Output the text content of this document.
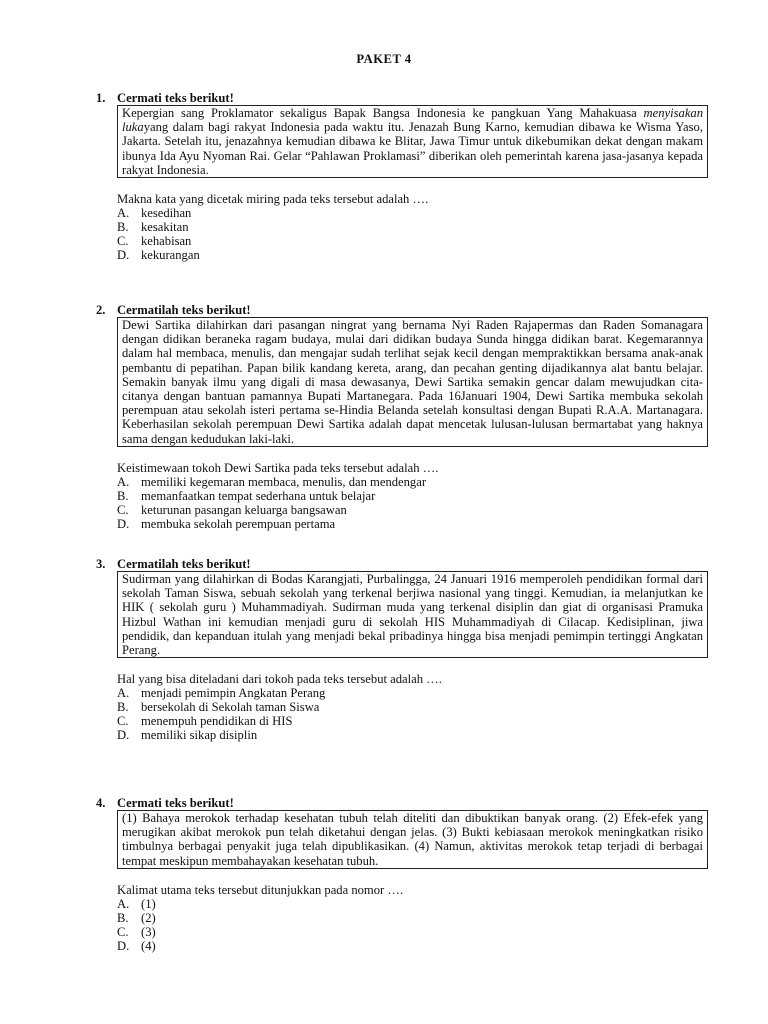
PAKET 4
1. Cermati teks berikut!

Kepergian sang Proklamator sekaligus Bapak Bangsa Indonesia ke pangkuan Yang Mahakuasa menyisakan lukayang dalam bagi rakyat Indonesia pada waktu itu. Jenazah Bung Karno, kemudian dibawa ke Wisma Yaso, Jakarta. Setelah itu, jenazahnya kemudian dibawa ke Blitar, Jawa Timur untuk dikebumikan dekat dengan makam ibunya Ida Ayu Nyoman Rai. Gelar “Pahlawan Proklamasi” diberikan oleh pemerintah karena jasa-jasanya kepada rakyat Indonesia.

Makna kata yang dicetak miring pada teks tersebut adalah ….
A. kesedihan
B. kesakitan
C. kehabisan
D. kekurangan
2. Cermatilah teks berikut!

Dewi Sartika dilahirkan dari pasangan ningrat yang bernama Nyi Raden Rajapermas dan Raden Somanagara dengan didikan beraneka ragam budaya, mulai dari didikan budaya Sunda hingga didikan barat. Kegemarannya dalam hal membaca, menulis, dan mengajar sudah terlihat sejak kecil dengan mempraktikkan bersama anak-anak pembantu di pepatihan. Papan bilik kandang kereta, arang, dan pecahan genting dijadikannya alat bantu belajar. Semakin banyak ilmu yang digali di masa dewasanya, Dewi Sartika semakin gencar dalam mewujudkan cita-citanya dengan bantuan pamannya Bupati Martanegara. Pada 16Januari 1904, Dewi Sartika membuka sekolah perempuan atau sekolah isteri pertama se-Hindia Belanda setelah konsultasi dengan Bupati R.A.A. Martanagara. Keberhasilan sekolah perempuan Dewi Sartika adalah dapat mencetak lulusan-lulusan bermartabat yang haknya sama dengan kedudukan laki-laki.

Keistimewaan tokoh Dewi Sartika pada teks tersebut adalah ….
A. memiliki kegemaran membaca, menulis, dan mendengar
B. memanfaatkan tempat sederhana untuk belajar
C. keturunan pasangan keluarga bangsawan
D. membuka sekolah perempuan pertama
3. Cermatilah teks berikut!

Sudirman yang dilahirkan di Bodas Karangjati, Purbalingga, 24 Januari 1916 memperoleh pendidikan formal dari sekolah Taman Siswa, sebuah sekolah yang terkenal berjiwa nasional yang tinggi. Kemudian, ia melanjutkan ke HIK ( sekolah guru ) Muhammadiyah. Sudirman muda yang terkenal disiplin dan giat di organisasi Pramuka Hizbul Wathan ini kemudian menjadi guru di sekolah HIS Muhammadiyah di Cilacap. Kedisiplinan, jiwa pendidik, dan kepanduan itulah yang menjadi bekal pribadinya hingga bisa menjadi pemimpin tertinggi Angkatan Perang.

Hal yang bisa diteladani dari tokoh pada teks tersebut adalah ….
A. menjadi pemimpin Angkatan Perang
B. bersekolah di Sekolah taman Siswa
C. menempuh pendidikan di HIS
D. memiliki sikap disiplin
4. Cermati teks berikut!

(1) Bahaya merokok terhadap kesehatan tubuh telah diteliti dan dibuktikan banyak orang. (2) Efek-efek yang merugikan akibat merokok pun telah diketahui dengan jelas. (3) Bukti kebiasaan merokok meningkatkan risiko timbulnya berbagai penyakit juga telah dipublikasikan. (4) Namun, aktivitas merokok tetap terjadi di berbagai tempat meskipun membahayakan kesehatan tubuh.

Kalimat utama teks tersebut ditunjukkan pada nomor ….
A. (1)
B. (2)
C. (3)
D. (4)
